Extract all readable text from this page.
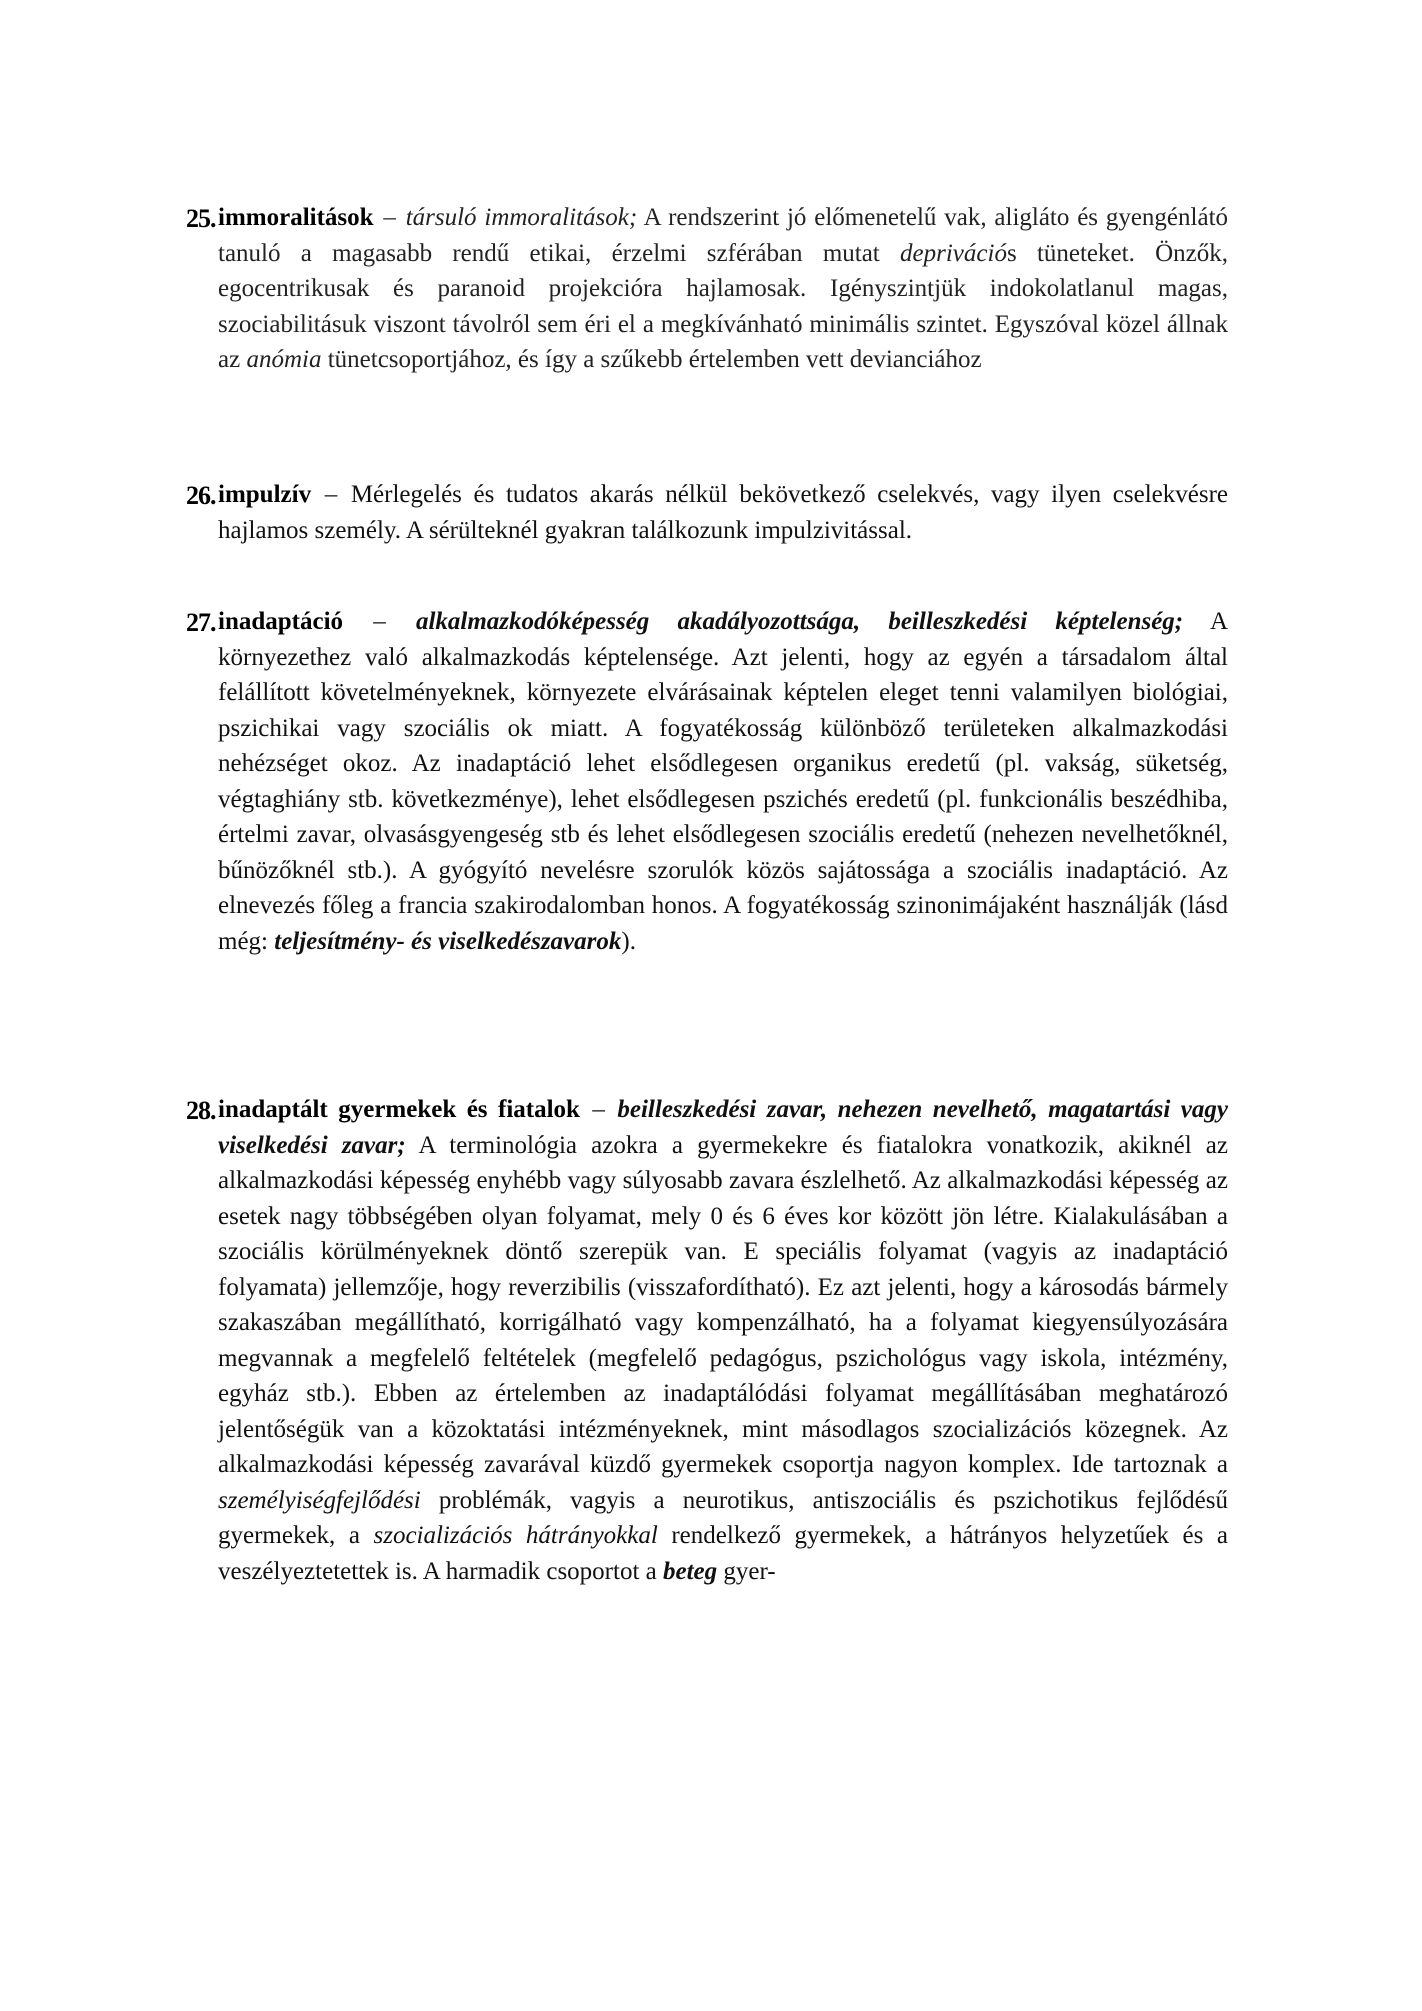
25. immoralitások – társuló immoralitások; A rendszerint jó előmenetelű vak, aligláto és gyengénlátó tanuló a magasabb rendű etikai, érzelmi szférában mutat deprivációs tüneteket. Önzők, egocentrikusak és paranoid projekcióra hajlamosak. Igényszintjük indokolatlanul magas, szociabilitásuk viszont távolról sem éri el a megkívánható minimális szintet. Egyszóval közel állnak az anómia tünetcsoportjához, és így a szűkebb értelemben vett devianciához

26. impulzív – Mérlegelés és tudatos akarás nélkül bekövetkező cselekvés, vagy ilyen cselekvésre hajlamos személy. A sérülteknél gyakran találkozunk impulzivitással.

27. inadaptáció – alkalmazkodóképesség akadályozottsága, beilleszkedési képtelenség; A környezethez való alkalmazkodás képtelensége. Azt jelenti, hogy az egyén a társadalom által felállított követelményeknek, környezete elvárásainak képtelen eleget tenni valamilyen biológiai, pszichikai vagy szociális ok miatt. A fogyatékosság különböző területeken alkalmazkodási nehézséget okoz. Az inadaptáció lehet elsődlegesen organikus eredetű (pl. vakság, süketség, végtaghiány stb. következménye), lehet elsődlegesen pszichés eredetű (pl. funkcionális beszédhiba, értelmi zavar, olvasásgyengeség stb és lehet elsődlegesen szociális eredetű (nehezen nevelhetőknél, bűnözőknél stb.). A gyógyító nevelésre szorulók közös sajátossága a szociális inadaptáció. Az elnevezés főleg a francia szakirodalomban honos. A fogyatékosság szinonimájaként használják (lásd még: teljesítmény- és viselkedészavarok).

28. inadaptált gyermekek és fiatalok – beilleszkedési zavar, nehezen nevelhető, magatartási vagy viselkedési zavar; A terminológia azokra a gyermekekre és fiatalokra vonatkozik, akiknél az alkalmazkodási képesség enyhébb vagy súlyosabb zavara észlelhető. Az alkalmazkodási képesség az esetek nagy többségében olyan folyamat, mely 0 és 6 éves kor között jön létre. Kialakulásában a szociális körülményeknek döntő szerepük van. E speciális folyamat (vagyis az inadaptáció folyamata) jellemzője, hogy reverzibilis (visszafordítható). Ez azt jelenti, hogy a károsodás bármely szakaszában megállítható, korrigálható vagy kompenzálható, ha a folyamat kiegyensúlyozására megvannak a megfelelő feltételek (megfelelő pedagógus, pszichológus vagy iskola, intézmény, egyház stb.). Ebben az értelemben az inadaptálódási folyamat megállításában meghatározó jelentőségük van a közoktatási intézményeknek, mint másodlagos szocializációs közegnek. Az alkalmazkodási képesség zavarával küzdő gyermekek csoportja nagyon komplex. Ide tartoznak a személyiségfejlődési problémák, vagyis a neurotikus, antiszociális és pszichotikus fejlődésű gyermekek, a szocializációs hátrányokkal rendelkező gyermekek, a hátrányos helyzetűek és a veszélyeztetettek is. A harmadik csoportot a beteg gyer-
